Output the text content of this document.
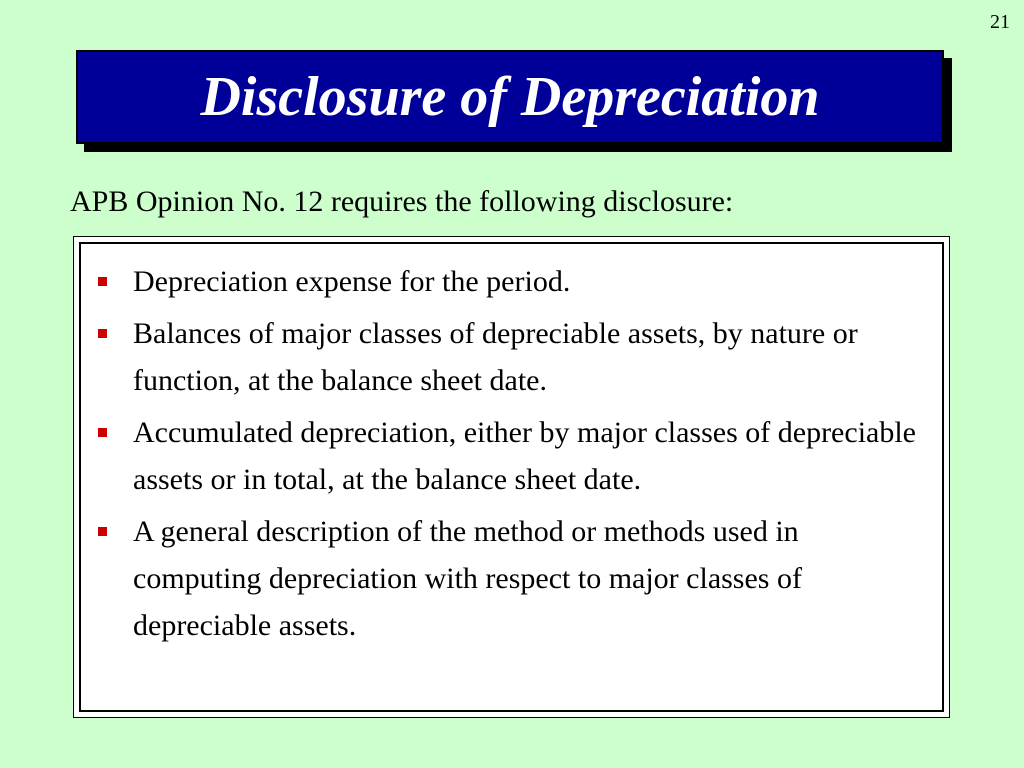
21
Disclosure of Depreciation
APB Opinion No. 12 requires the following disclosure:
Depreciation expense for the period.
Balances of major classes of depreciable assets, by nature or function, at the balance sheet date.
Accumulated depreciation, either by major classes of depreciable assets or in total, at the balance sheet date.
A general description of the method or methods used in computing depreciation with respect to major classes of depreciable assets.
